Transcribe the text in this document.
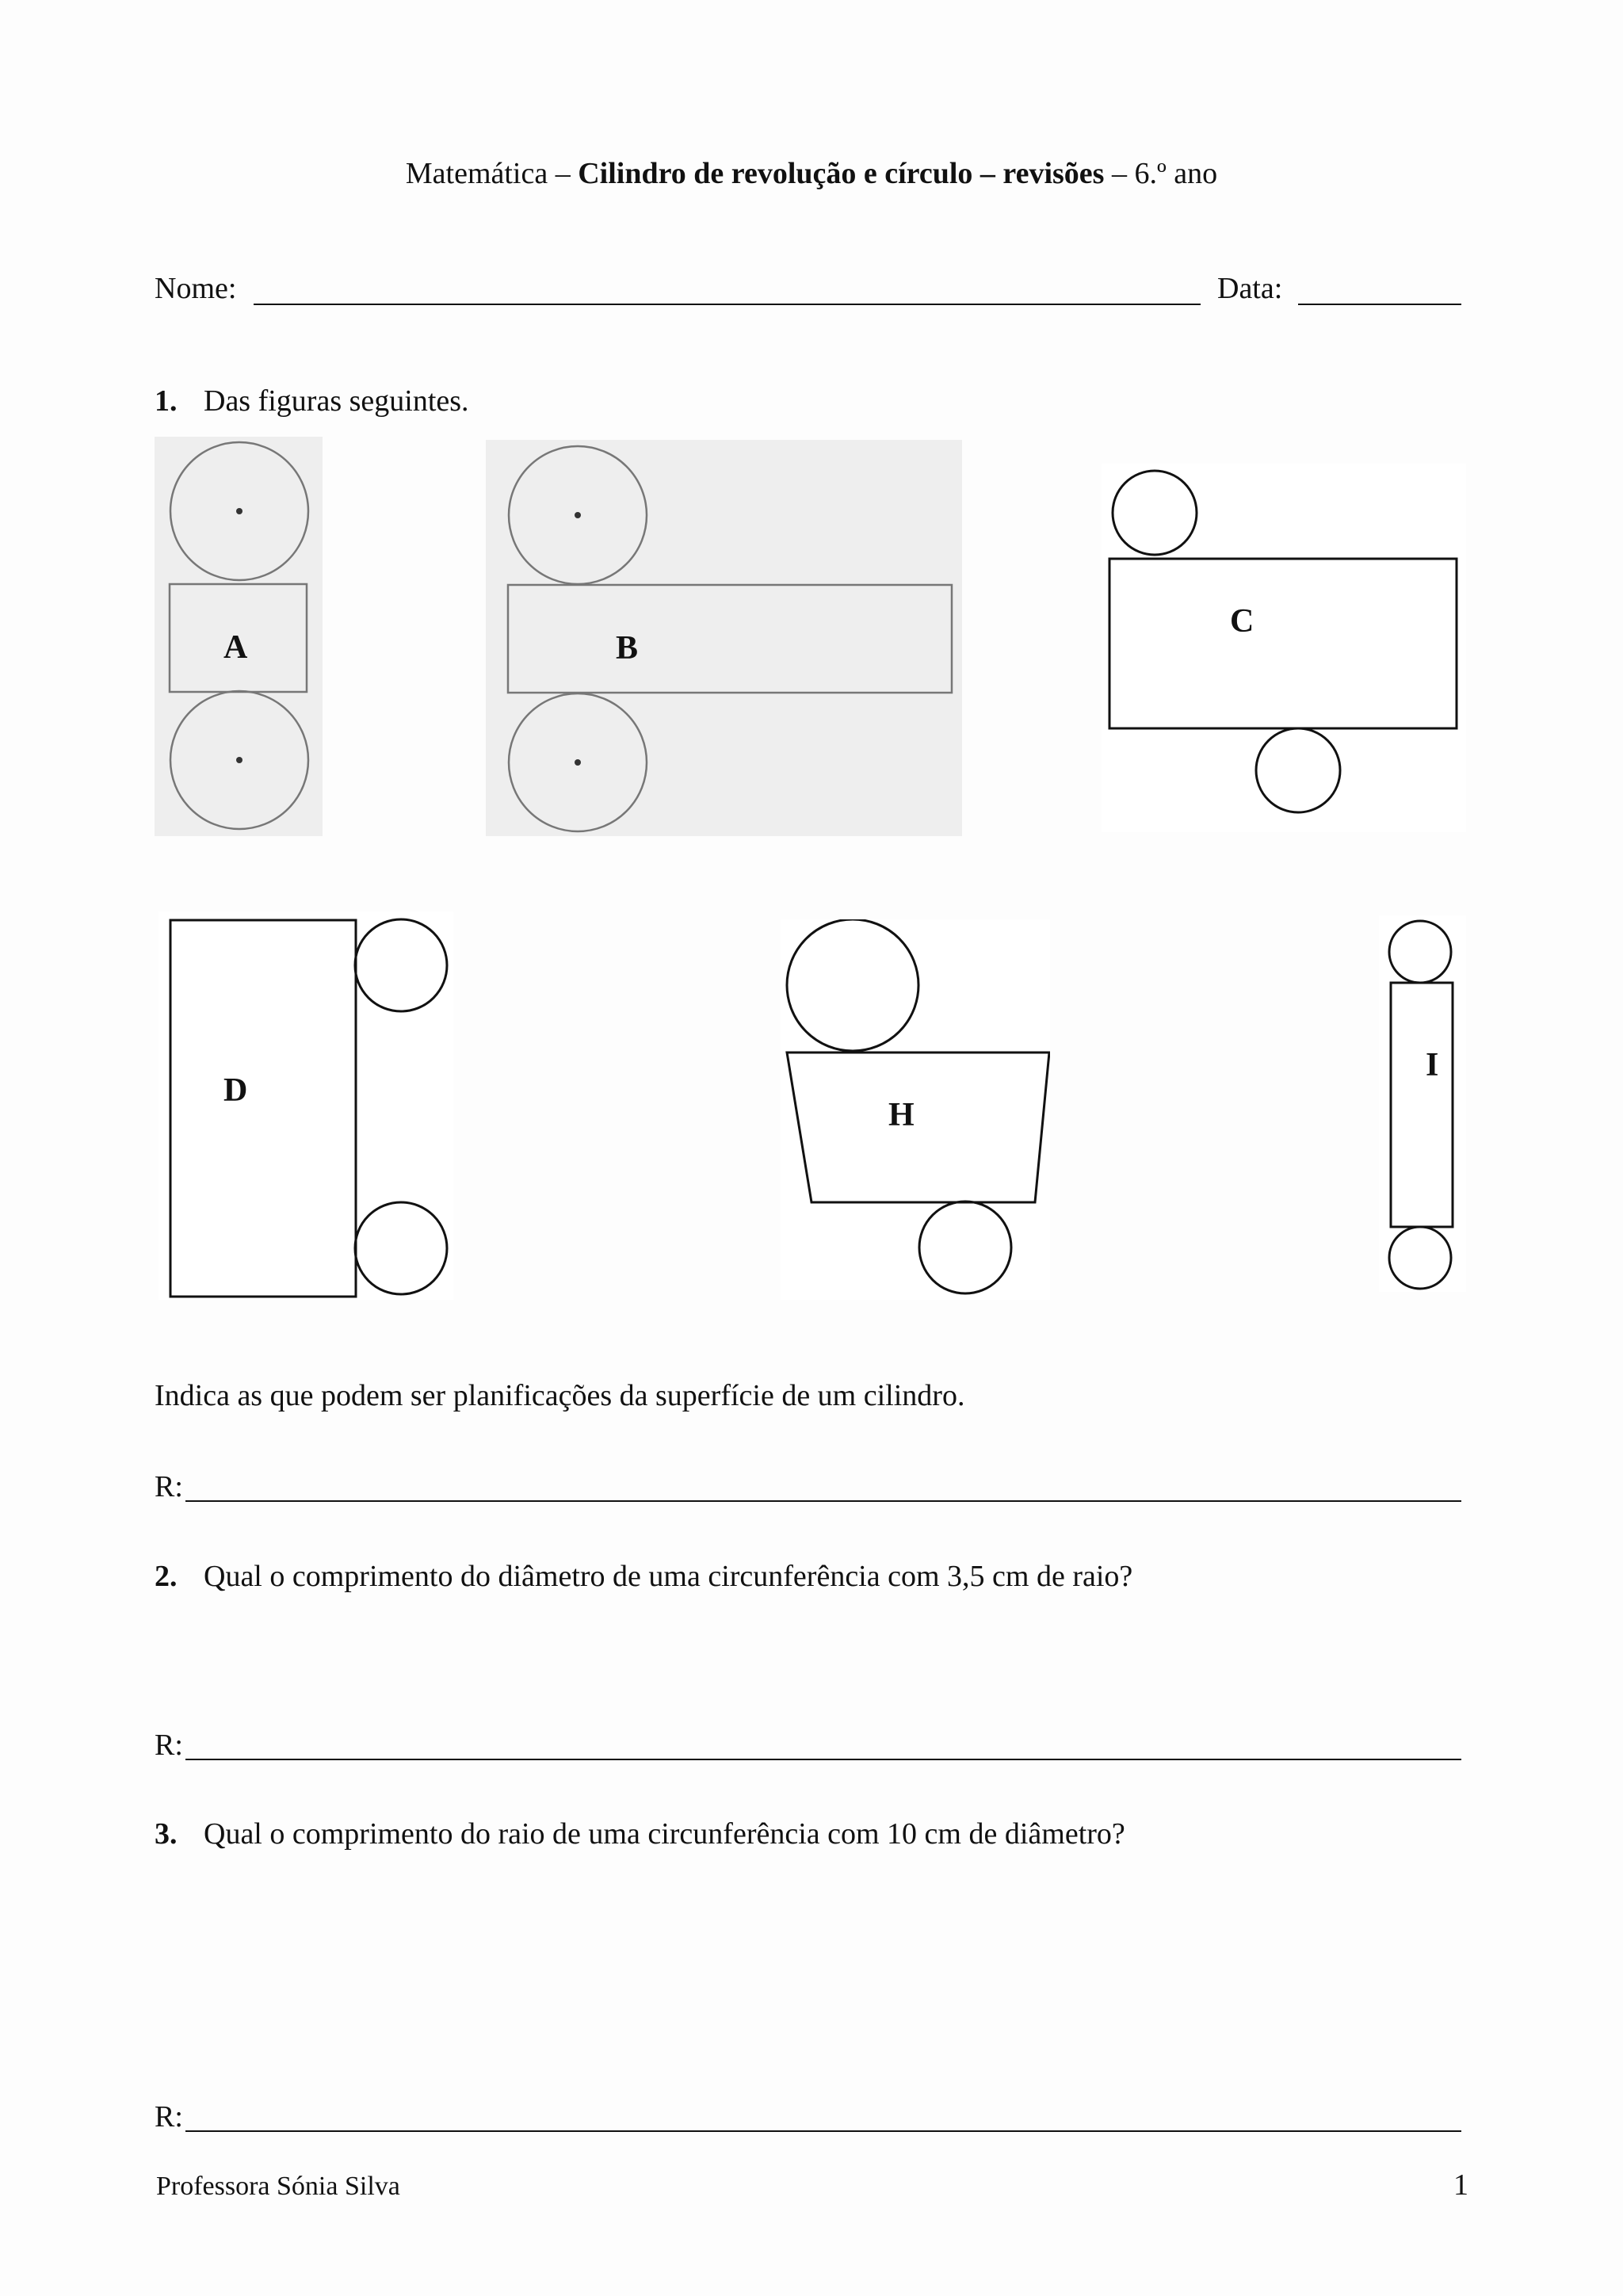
Matemática – Cilindro de revolução e círculo – revisões – 6.º ano
Nome:	Data:
1. Das figuras seguintes.
A	B
C
D
H
I
Indica as que podem ser planificações da superfície de um cilindro.
R:
2. Qual o comprimento do diâmetro de uma circunferência com 3,5 cm de raio?
R:
3. Qual o comprimento do raio de uma circunferência com 10 cm de diâmetro?
R:
Professora Sónia Silva	1
